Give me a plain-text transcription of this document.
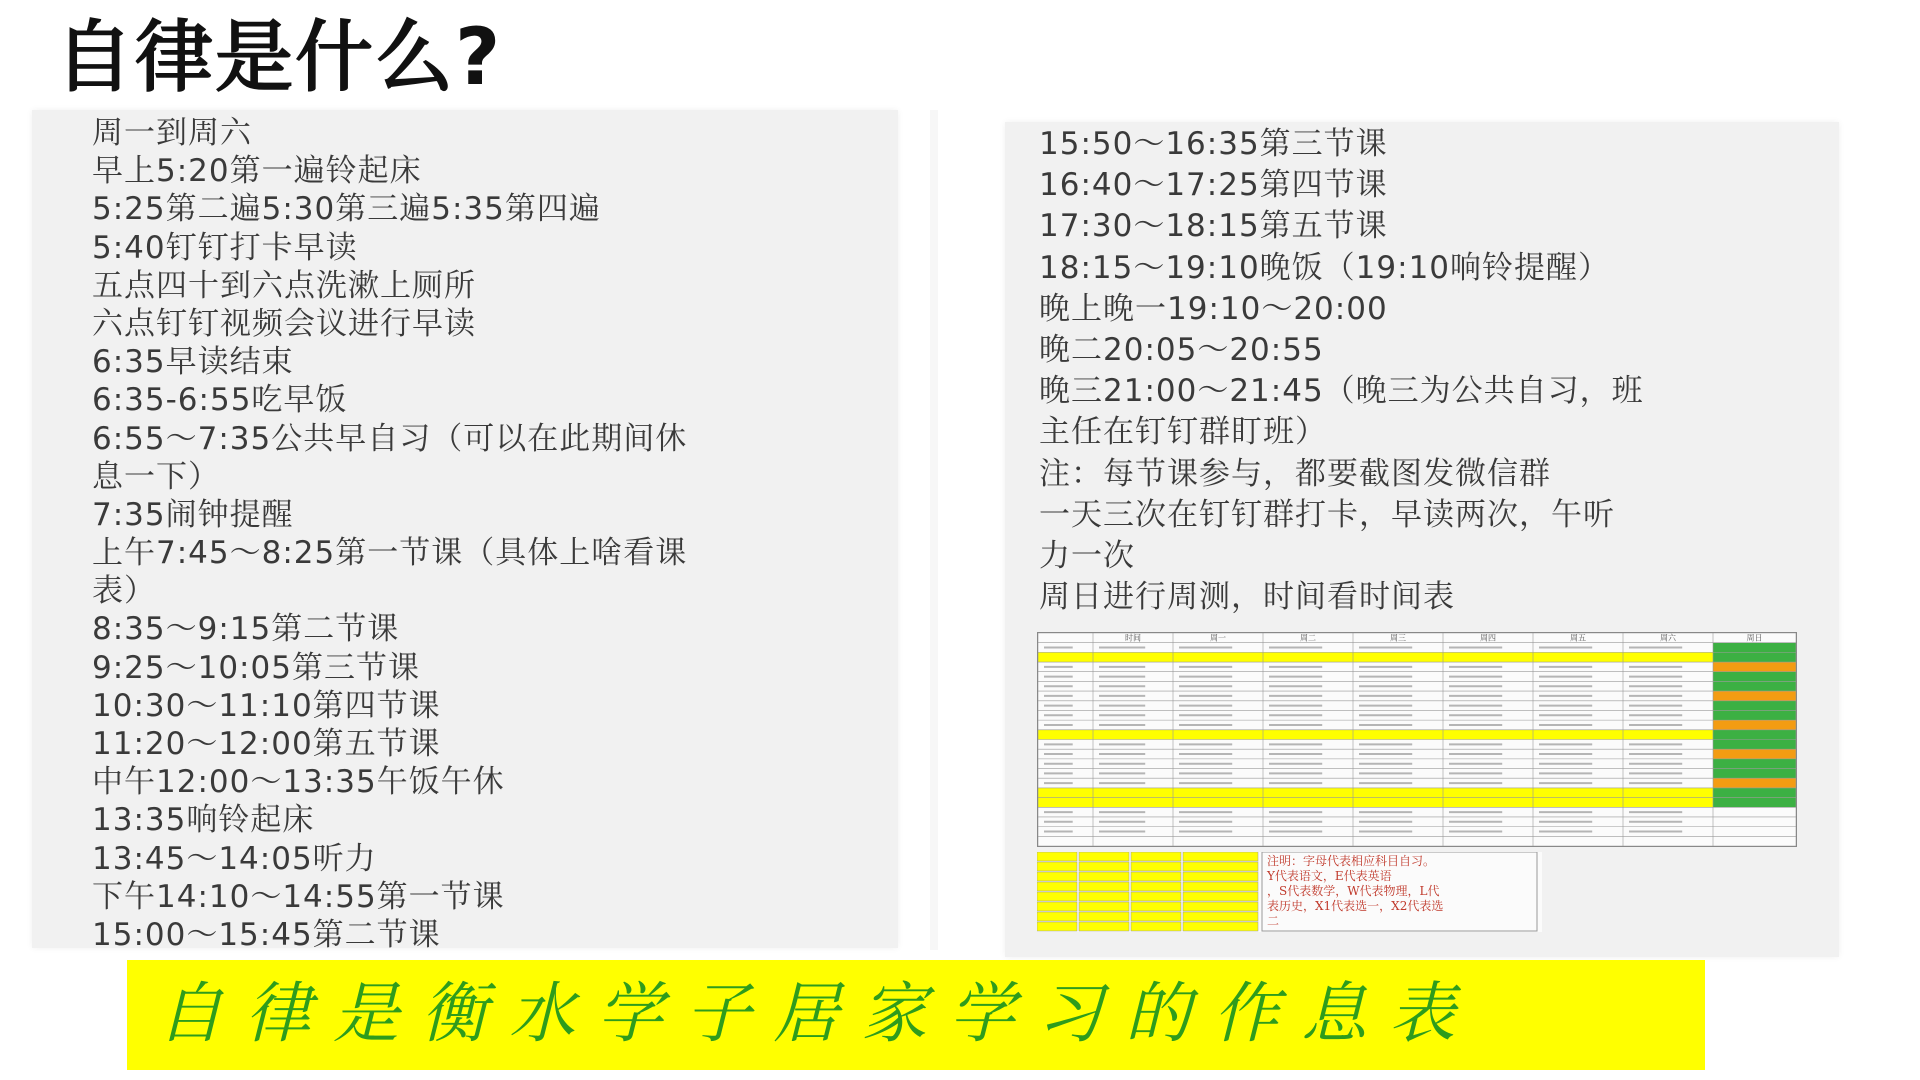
自律是什么?
周一到周六
早上5:20第一遍铃起床
5:25第二遍5:30第三遍5:35第四遍
5:40钉钉打卡早读
五点四十到六点洗漱上厕所
六点钉钉视频会议进行早读
6:35早读结束
6:35-6:55吃早饭
6:55～7:35公共早自习（可以在此期间休
息一下）
7:35闹钟提醒
上午7:45～8:25第一节课（具体上啥看课
表）
8:35～9:15第二节课
9:25～10:05第三节课
10:30～11:10第四节课
11:20～12:00第五节课
中午12:00～13:35午饭午休
13:35响铃起床
13:45～14:05听力
下午14:10～14:55第一节课
15:00～15:45第二节课
15:50～16:35第三节课
16:40～17:25第四节课
17:30～18:15第五节课
18:15～19:10晚饭（19:10响铃提醒）
晚上晚一19:10～20:00
晚二20:05～20:55
晚三21:00～21:45（晚三为公共自习，班
主任在钉钉群盯班）
注：每节课参与，都要截图发微信群
一天三次在钉钉群打卡，早读两次，午听
力一次
周日进行周测，时间看时间表
时间	周一	周二	周三	周四	周五	周六	周日
注明：字母代表相应科目自习。
Y代表语文，E代表英语
，S代表数学，W代表物理，L代
表历史，X1代表选一，X2代表选
二
自律是衡水学子居家学习的作息表
